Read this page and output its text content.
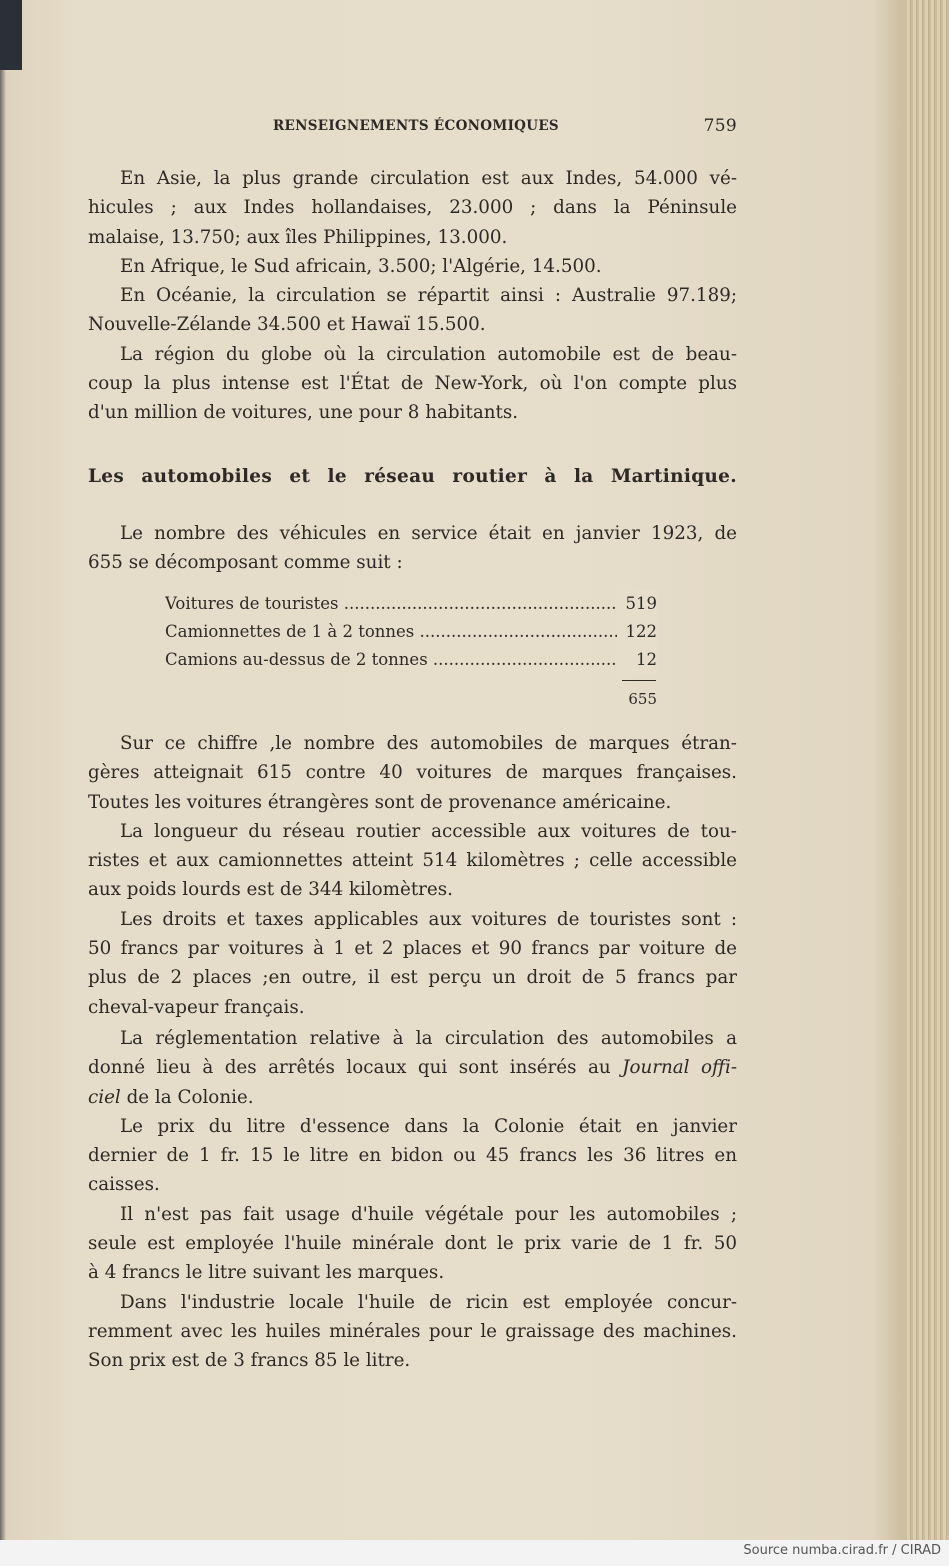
RENSEIGNEMENTS ÉCONOMIQUES	759
En Asie, la plus grande circulation est aux Indes, 54.000 vé-
hicules ; aux Indes hollandaises, 23.000 ; dans la Péninsule
malaise, 13.750; aux îles Philippines, 13.000.
En Afrique, le Sud africain, 3.500; l'Algérie, 14.500.
En Océanie, la circulation se répartit ainsi : Australie 97.189;
Nouvelle-Zélande 34.500 et Hawaï 15.500.
La région du globe où la circulation automobile est de beau-
coup la plus intense est l'État de New-York, où l'on compte plus
d'un million de voitures, une pour 8 habitants.
Les automobiles et le réseau routier à la Martinique.
Le nombre des véhicules en service était en janvier 1923, de
655 se décomposant comme suit :
Voitures de touristes .....	519
Camionnettes de 1 à 2 tonnes .....	122
Camions au-dessus de 2 tonnes .....	12
655
Sur ce chiffre ,le nombre des automobiles de marques étran-
gères atteignait 615 contre 40 voitures de marques françaises.
Toutes les voitures étrangères sont de provenance américaine.
La longueur du réseau routier accessible aux voitures de tou-
ristes et aux camionnettes atteint 514 kilomètres ; celle accessible
aux poids lourds est de 344 kilomètres.
Les droits et taxes applicables aux voitures de touristes sont :
50 francs par voitures à 1 et 2 places et 90 francs par voiture de
plus de 2 places ;en outre, il est perçu un droit de 5 francs par
cheval-vapeur français.
La réglementation relative à la circulation des automobiles a
donné lieu à des arrêtés locaux qui sont insérés au Journal offi-
ciel de la Colonie.
Le prix du litre d'essence dans la Colonie était en janvier
dernier de 1 fr. 15 le litre en bidon ou 45 francs les 36 litres en
caisses.
Il n'est pas fait usage d'huile végétale pour les automobiles ;
seule est employée l'huile minérale dont le prix varie de 1 fr. 50
à 4 francs le litre suivant les marques.
Dans l'industrie locale l'huile de ricin est employée concur-
remment avec les huiles minérales pour le graissage des machines.
Son prix est de 3 francs 85 le litre.
Source numba.cirad.fr / CIRAD
